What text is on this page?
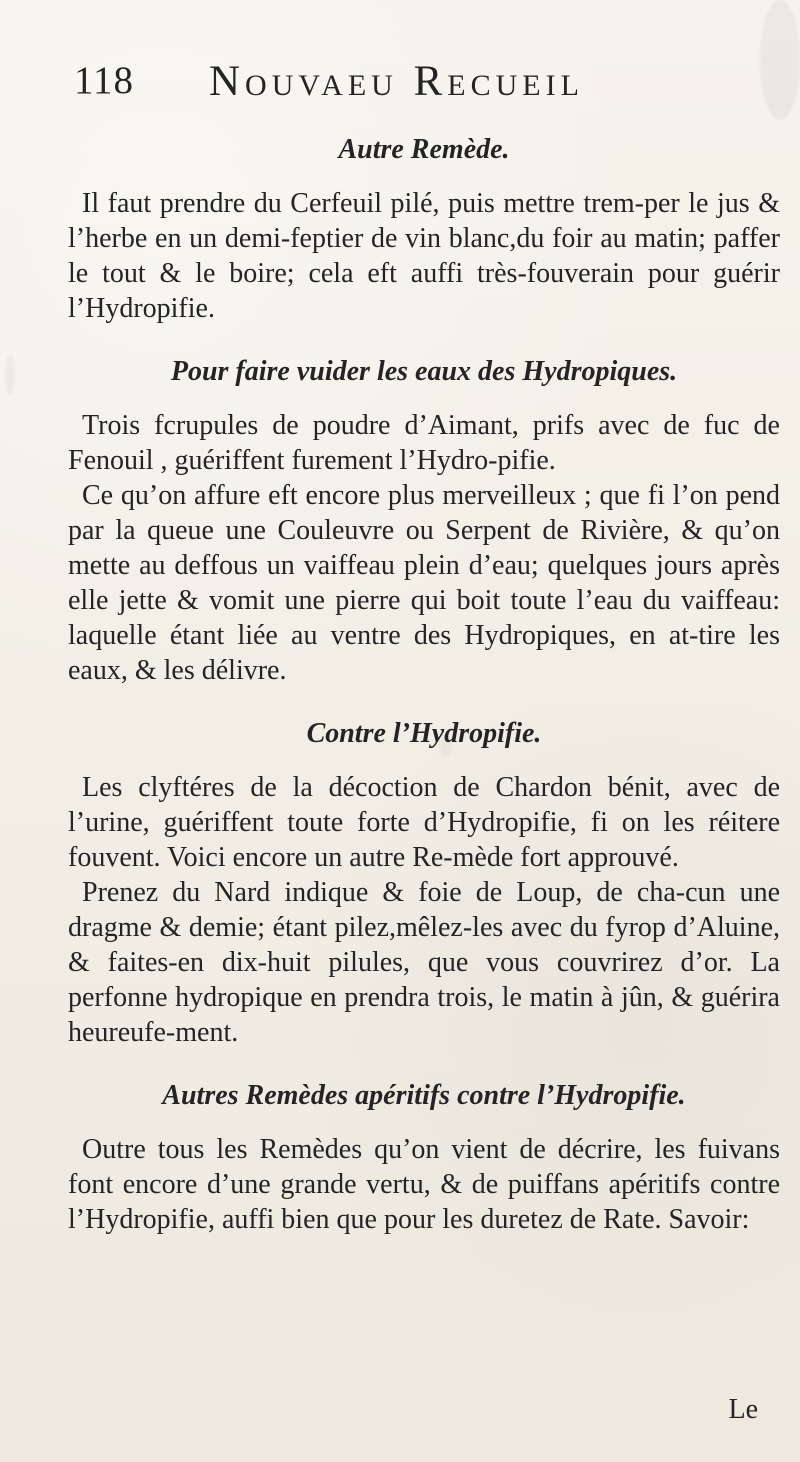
118 Nouvaeu Recueil
Autre Remède.

Il faut prendre du Cerfeuil pilé, puis mettre trem-per le jus & l’herbe en un demi-feptier de vin blanc,du foir au matin; paffer le tout & le boire; cela eft auffi très-fouverain pour guérir l’Hydropifie.

Pour faire vuider les eaux des Hydropiques.

Trois fcrupules de poudre d’Aimant, prifs avec de fuc de Fenouil , guériffent furement l’Hydro-pifie.

Ce qu’on affure eft encore plus merveilleux ; que fi l’on pend par la queue une Couleuvre ou Serpent de Rivière, & qu’on mette au deffous un vaiffeau plein d’eau; quelques jours après elle jette & vomit une pierre qui boit toute l’eau du vaiffeau: laquelle étant liée au ventre des Hydropiques, en at-tire les eaux, & les délivre.

Contre l’Hydropifie.

Les clyftéres de la décoction de Chardon bénit, avec de l’urine, guériffent toute forte d’Hydropifie, fi on les réitere fouvent. Voici encore un autre Re-mède fort approuvé.

Prenez du Nard indique & foie de Loup, de cha-cun une dragme & demie; étant pilez,mêlez-les avec du fyrop d’Aluine, & faites-en dix-huit pilules, que vous couvrirez d’or. La perfonne hydropique en prendra trois, le matin à jûn, & guérira heureufe-ment.

Autres Remèdes apéritifs contre l’Hydropifie.

Outre tous les Remèdes qu’on vient de décrire, les fuivans font encore d’une grande vertu, & de puiffans apéritifs contre l’Hydropifie, auffi bien que pour les duretez de Rate. Savoir:

Le
